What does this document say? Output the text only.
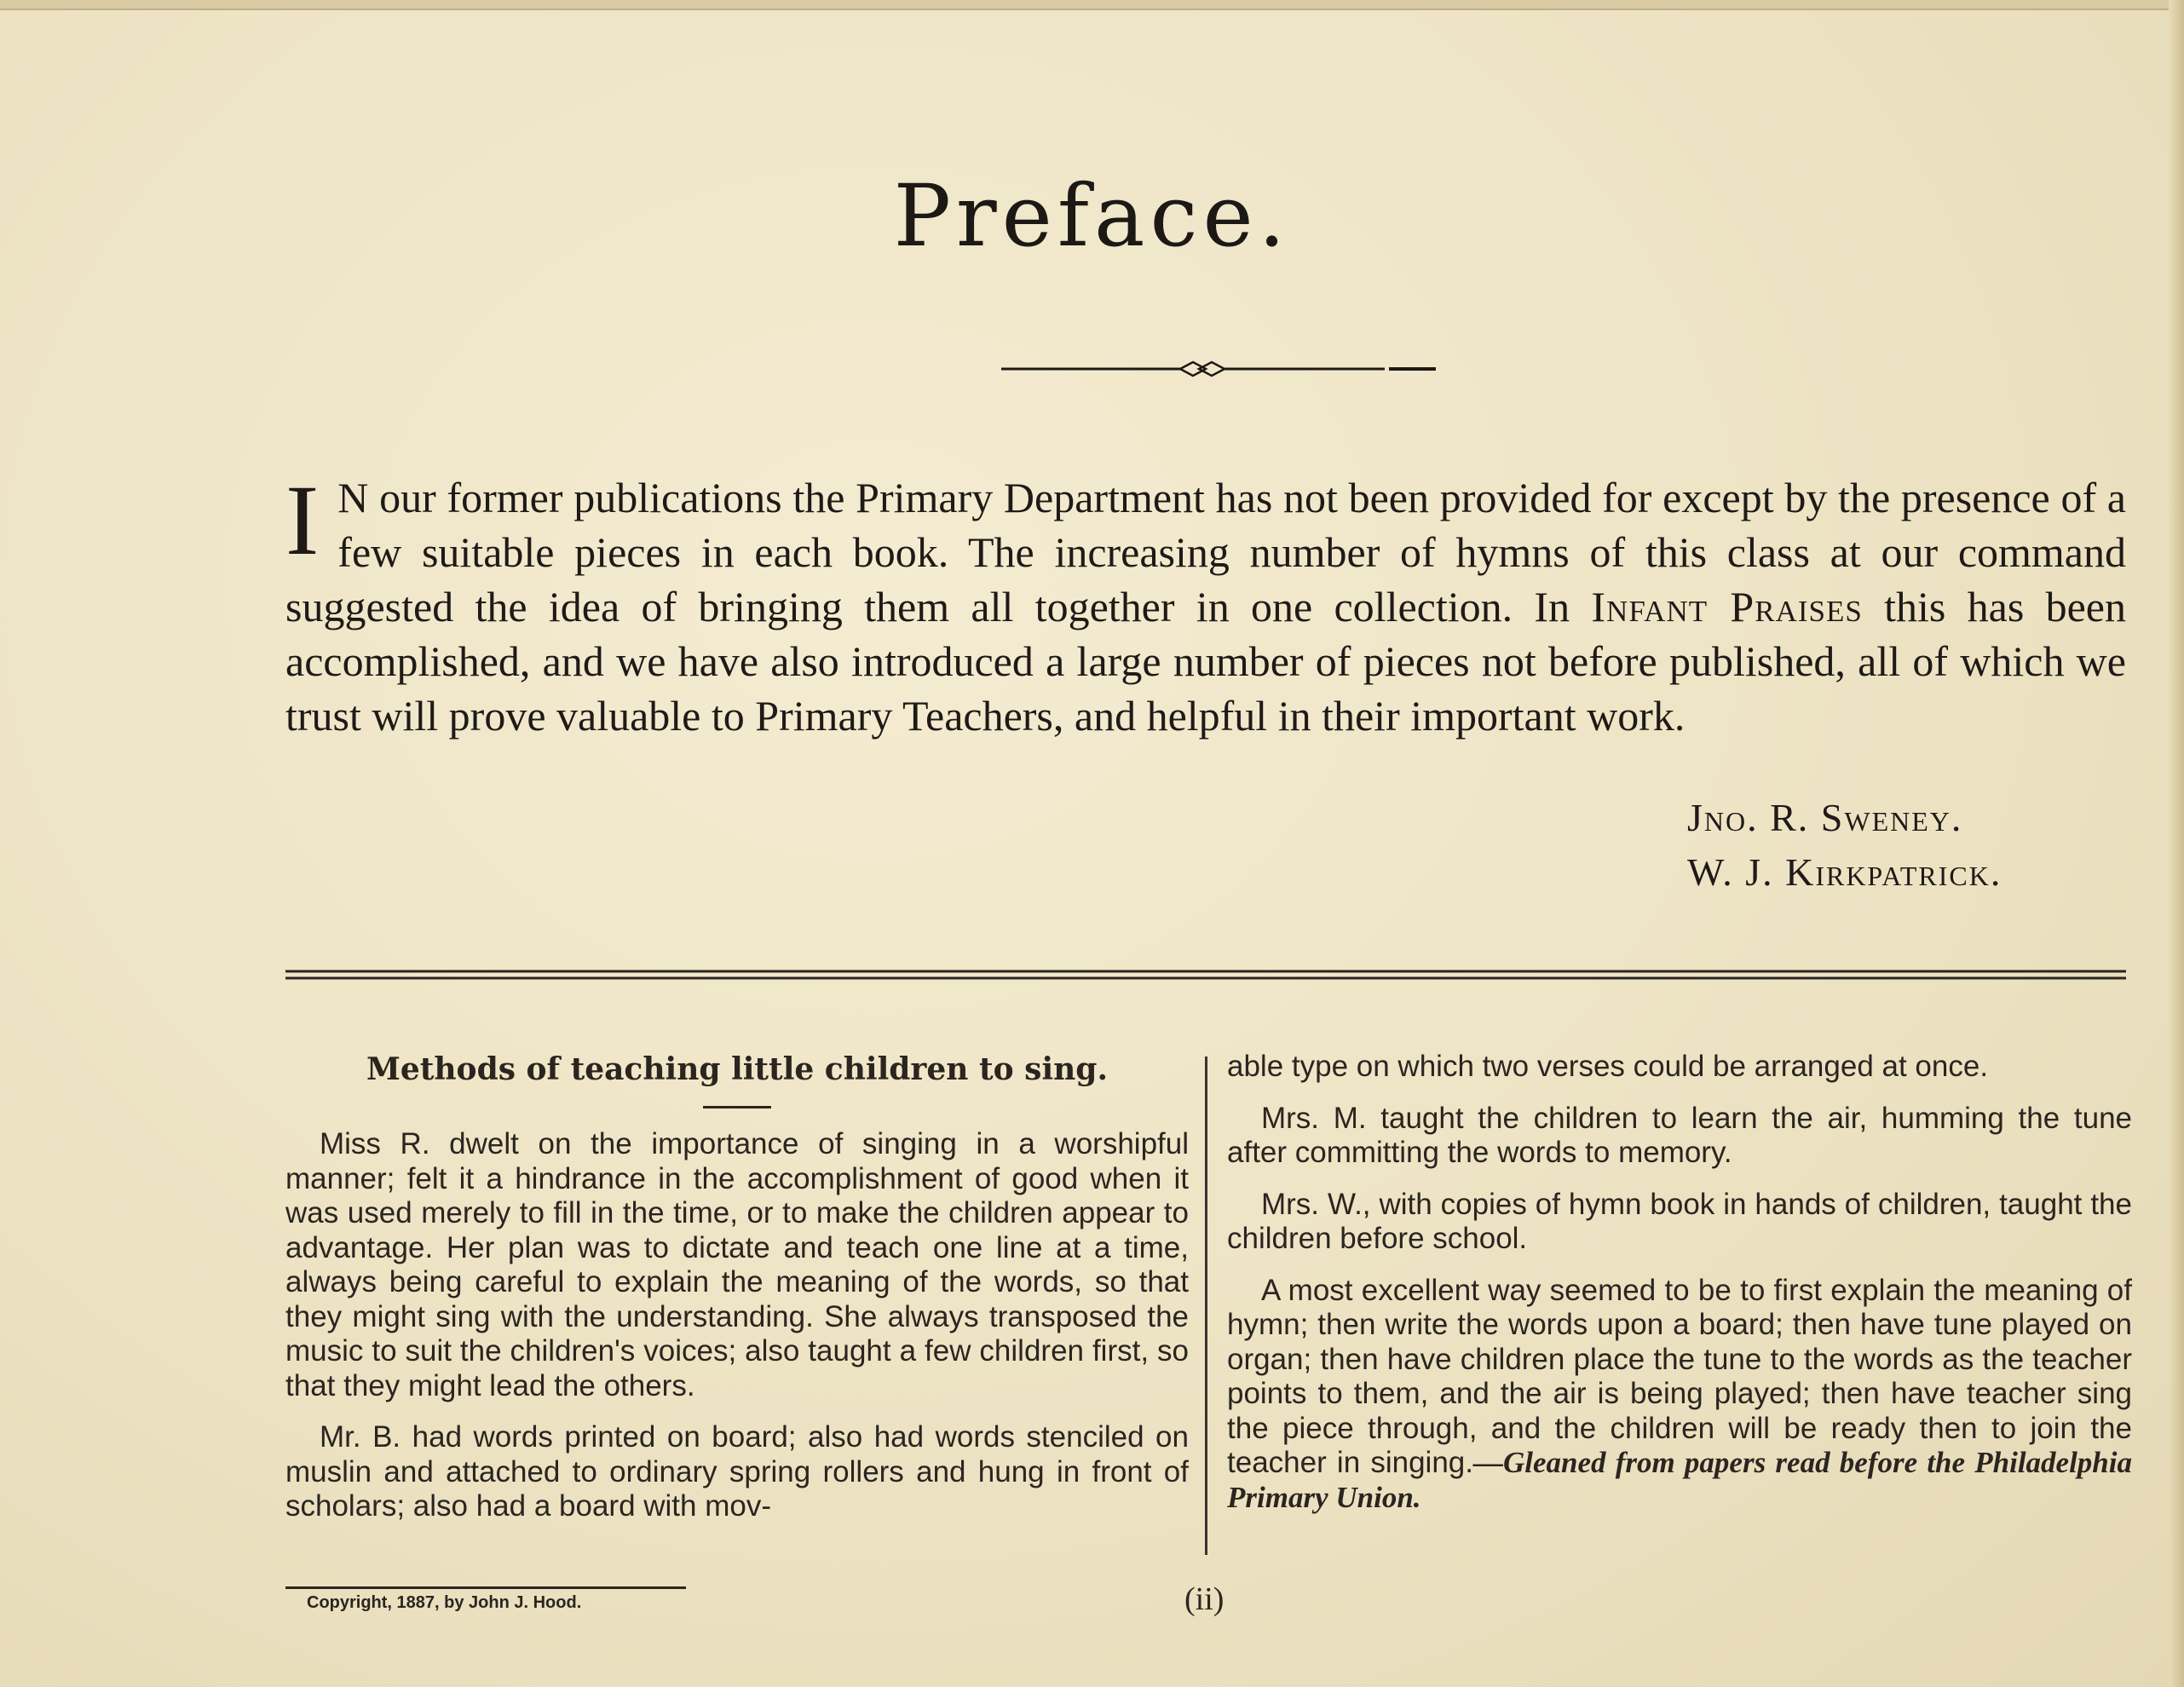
Preface.
I N our former publications the Primary Department has not been provided for except by the presence of a few suitable pieces in each book. The increasing number of hymns of this class at our command suggested the idea of bringing them all together in one collection. In Infant Praises this has been accomplished, and we have also introduced a large number of pieces not before published, all of which we trust will prove valuable to Primary Teachers, and helpful in their important work.
Jno. R. Sweney.
W. J. Kirkpatrick.

Methods of teaching little children to sing.

Miss R. dwelt on the importance of singing in a worshipful manner; felt it a hindrance in the accomplishment of good when it was used merely to fill in the time, or to make the children appear to advantage. Her plan was to dictate and teach one line at a time, always being careful to explain the meaning of the words, so that they might sing with the understanding. She always transposed the music to suit the children's voices; also taught a few children first, so that they might lead the others.

Mr. B. had words printed on board; also had words stenciled on muslin and attached to ordinary spring rollers and hung in front of scholars; also had a board with mov-

able type on which two verses could be arranged at once.

Mrs. M. taught the children to learn the air, humming the tune after committing the words to memory.

Mrs. W., with copies of hymn book in hands of children, taught the children before school.

A most excellent way seemed to be to first explain the meaning of hymn; then write the words upon a board; then have tune played on organ; then have children place the tune to the words as the teacher points to them, and the air is being played; then have teacher sing the piece through, and the children will be ready then to join the teacher in singing.—Gleaned from papers read before the Philadelphia Primary Union.

Copyright, 1887, by John J. Hood.	(ii)
